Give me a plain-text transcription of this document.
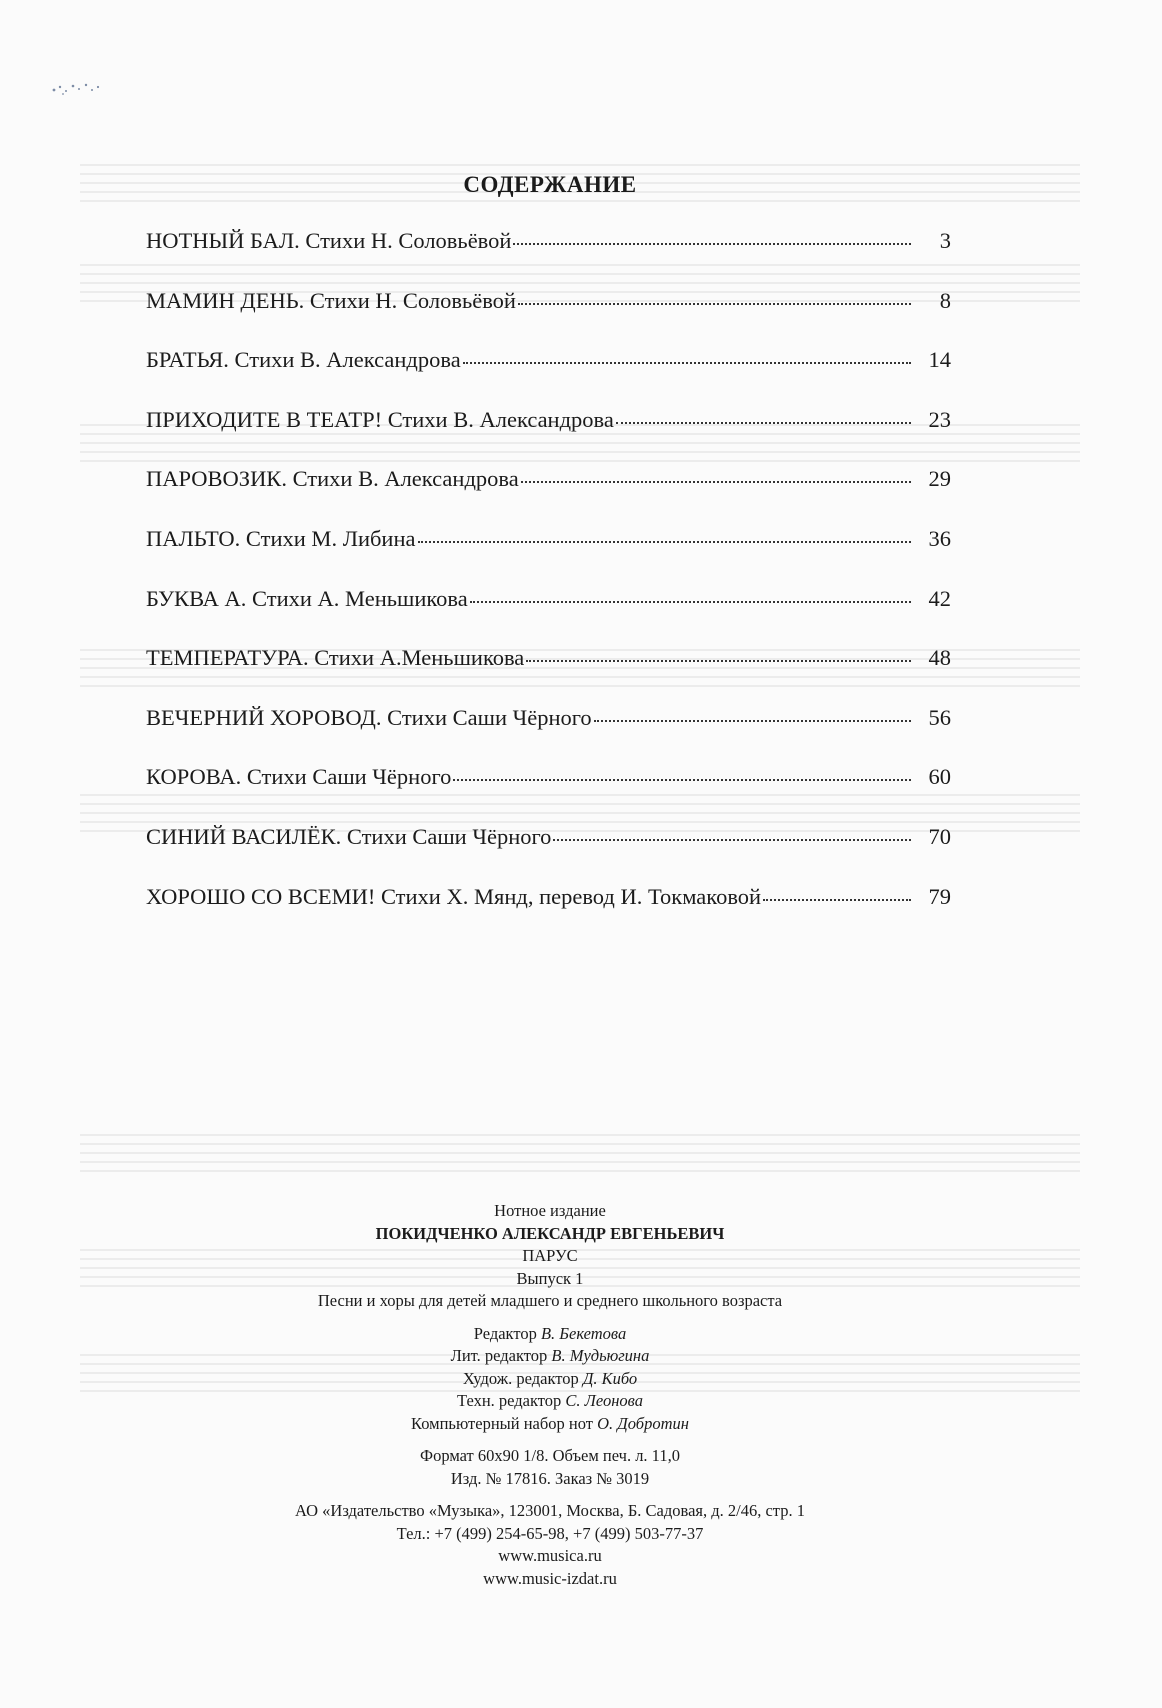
СОДЕРЖАНИЕ
НОТНЫЙ БАЛ. Стихи Н. Соловьёвой	3
МАМИН ДЕНЬ. Стихи Н. Соловьёвой	8
БРАТЬЯ. Стихи В. Александрова	14
ПРИХОДИТЕ В ТЕАТР! Стихи В. Александрова	23
ПАРОВОЗИК. Стихи В. Александрова	29
ПАЛЬТО. Стихи М. Либина	36
БУКВА А. Стихи А. Меньшикова	42
ТЕМПЕРАТУРА. Стихи А.Меньшикова	48
ВЕЧЕРНИЙ ХОРОВОД. Стихи Саши Чёрного	56
КОРОВА. Стихи Саши Чёрного	60
СИНИЙ ВАСИЛЁК. Стихи Саши Чёрного	70
ХОРОШО СО ВСЕМИ! Стихи Х. Мянд, перевод И. Токмаковой	79
Нотное издание
ПОКИДЧЕНКО АЛЕКСАНДР ЕВГЕНЬЕВИЧ
ПАРУС
Выпуск 1
Песни и хоры для детей младшего и среднего школьного возраста
Редактор В. Бекетова
Лит. редактор В. Мудьюгина
Худож. редактор Д. Кибо
Техн. редактор С. Леонова
Компьютерный набор нот О. Добротин
Формат 60x90 1/8. Объем печ. л. 11,0
Изд. № 17816. Заказ № 3019
АО «Издательство «Музыка», 123001, Москва, Б. Садовая, д. 2/46, стр. 1
Тел.: +7 (499) 254-65-98, +7 (499) 503-77-37
www.musica.ru
www.music-izdat.ru
